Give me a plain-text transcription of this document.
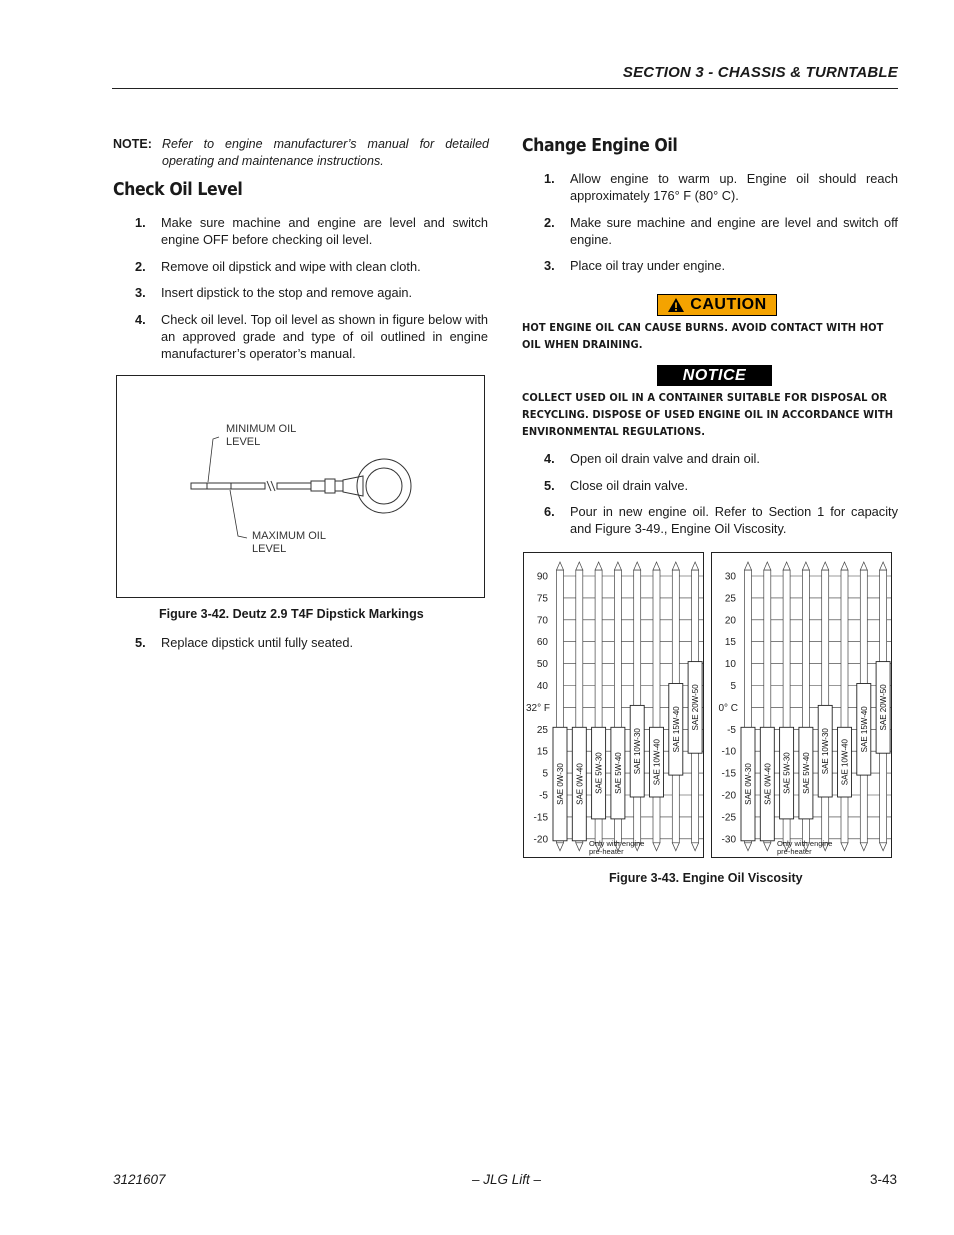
SECTION 3 - CHASSIS & TURNTABLE
NOTE: Refer to engine manufacturer’s manual for detailed operating and maintenance instructions.
Check Oil Level
1. Make sure machine and engine are level and switch engine OFF before checking oil level.
2. Remove oil dipstick and wipe with clean cloth.
3. Insert dipstick to the stop and remove again.
4. Check oil level. Top oil level as shown in figure below with an approved grade and type of oil outlined in engine manufacturer’s operator’s manual.
MINIMUM OIL
LEVEL
MAXIMUM OIL
LEVEL
Figure 3-42. Deutz 2.9 T4F Dipstick Markings
5. Replace dipstick until fully seated.
Change Engine Oil
1. Allow engine to warm up. Engine oil should reach approximately 176° F (80° C).
2. Make sure machine and engine are level and switch off engine.
3. Place oil tray under engine.
CAUTION
HOT ENGINE OIL CAN CAUSE BURNS. AVOID CONTACT WITH HOT OIL WHEN DRAINING.
NOTICE
COLLECT USED OIL IN A CONTAINER SUITABLE FOR DISPOSAL OR RECYCLING. DISPOSE OF USED ENGINE OIL IN ACCORDANCE WITH ENVIRONMENTAL REGULATIONS.
4. Open oil drain valve and drain oil.
5. Close oil drain valve.
6. Pour in new engine oil. Refer to Section 1 for capacity and Figure 3-49., Engine Oil Viscosity.
90
75
70
60
50
40
32° F
25
15
5
-5
-15
-20
SAE 0W-30 SAE 0W-40 SAE 5W-30 SAE 5W-40 SAE 10W-30 SAE 10W-40
SAE 15W-40 SAE 20W-50
Only with engine
pre-heater
30
25
20
15
10
5
0° C
-5
-10
-15
-20
-25
-30
SAE 0W-30 SAE 0W-40 SAE 5W-30 SAE 5W-40 SAE 10W-30 SAE 10W-40
SAE 15W-40 SAE 20W-50
Only with engine
pre-heater
Figure 3-43. Engine Oil Viscosity
3121607	– JLG Lift –	3-43
